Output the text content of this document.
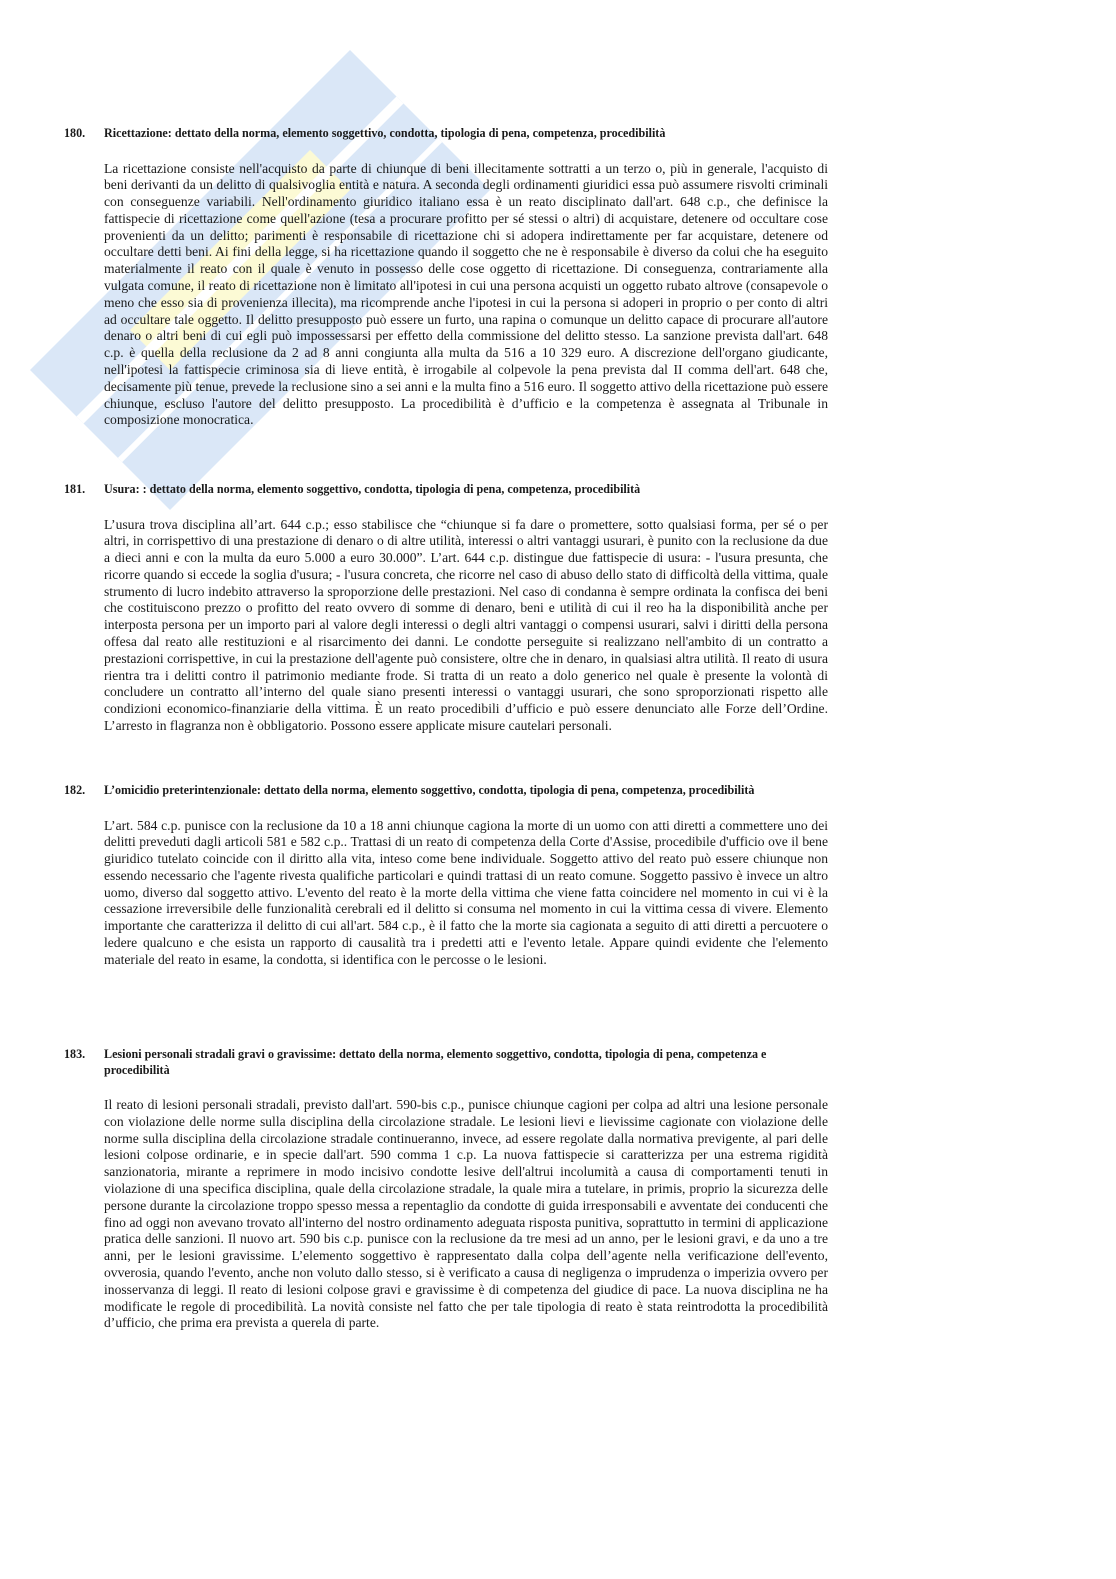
180.	Ricettazione: dettato della norma, elemento soggettivo, condotta, tipologia di pena, competenza, procedibilità

La ricettazione consiste nell'acquisto da parte di chiunque di beni illecitamente sottratti a un terzo o, più in generale, l'acquisto di beni derivanti da un delitto di qualsivoglia entità e natura. A seconda degli ordinamenti giuridici essa può assumere risvolti criminali con conseguenze variabili. Nell'ordinamento giuridico italiano essa è un reato disciplinato dall'art. 648 c.p., che definisce la fattispecie di ricettazione come quell'azione (tesa a procurare profitto per sé stessi o altri) di acquistare, detenere od occultare cose provenienti da un delitto; parimenti è responsabile di ricettazione chi si adopera indirettamente per far acquistare, detenere od occultare detti beni. Ai fini della legge, si ha ricettazione quando il soggetto che ne è responsabile è diverso da colui che ha eseguito materialmente il reato con il quale è venuto in possesso delle cose oggetto di ricettazione. Di conseguenza, contrariamente alla vulgata comune, il reato di ricettazione non è limitato all'ipotesi in cui una persona acquisti un oggetto rubato altrove (consapevole o meno che esso sia di provenienza illecita), ma ricomprende anche l'ipotesi in cui la persona si adoperi in proprio o per conto di altri ad occultare tale oggetto. Il delitto presupposto può essere un furto, una rapina o comunque un delitto capace di procurare all'autore denaro o altri beni di cui egli può impossessarsi per effetto della commissione del delitto stesso. La sanzione prevista dall'art. 648 c.p. è quella della reclusione da 2 ad 8 anni congiunta alla multa da 516 a 10 329 euro. A discrezione dell'organo giudicante, nell'ipotesi la fattispecie criminosa sia di lieve entità, è irrogabile al colpevole la pena prevista dal II comma dell'art. 648 che, decisamente più tenue, prevede la reclusione sino a sei anni e la multa fino a 516 euro. Il soggetto attivo della ricettazione può essere chiunque, escluso l'autore del delitto presupposto. La procedibilità è d’ufficio e la competenza è assegnata al Tribunale in composizione monocratica.

181.	Usura: : dettato della norma, elemento soggettivo, condotta, tipologia di pena, competenza, procedibilità

L’usura trova disciplina all’art. 644 c.p.; esso stabilisce che “chiunque si fa dare o promettere, sotto qualsiasi forma, per sé o per altri, in corrispettivo di una prestazione di denaro o di altre utilità, interessi o altri vantaggi usurari, è punito con la reclusione da due a dieci anni e con la multa da euro 5.000 a euro 30.000”. L’art. 644 c.p. distingue due fattispecie di usura: - l'usura presunta, che ricorre quando si eccede la soglia d'usura; - l'usura concreta, che ricorre nel caso di abuso dello stato di difficoltà della vittima, quale strumento di lucro indebito attraverso la sproporzione delle prestazioni. Nel caso di condanna è sempre ordinata la confisca dei beni che costituiscono prezzo o profitto del reato ovvero di somme di denaro, beni e utilità di cui il reo ha la disponibilità anche per interposta persona per un importo pari al valore degli interessi o degli altri vantaggi o compensi usurari, salvi i diritti della persona offesa dal reato alle restituzioni e al risarcimento dei danni. Le condotte perseguite si realizzano nell'ambito di un contratto a prestazioni corrispettive, in cui la prestazione dell'agente può consistere, oltre che in denaro, in qualsiasi altra utilità. Il reato di usura rientra tra i delitti contro il patrimonio mediante frode. Si tratta di un reato a dolo generico nel quale è presente la volontà di concludere un contratto all’interno del quale siano presenti interessi o vantaggi usurari, che sono sproporzionati rispetto alle condizioni economico-finanziarie della vittima. È un reato procedibili d’ufficio e può essere denunciato alle Forze dell’Ordine. L’arresto in flagranza non è obbligatorio. Possono essere applicate misure cautelari personali.

182.	L’omicidio preterintenzionale: dettato della norma, elemento soggettivo, condotta, tipologia di pena, competenza, procedibilità

L’art. 584 c.p. punisce con la reclusione da 10 a 18 anni chiunque cagiona la morte di un uomo con atti diretti a commettere uno dei delitti preveduti dagli articoli 581 e 582 c.p.. Trattasi di un reato di competenza della Corte d'Assise, procedibile d'ufficio ove il bene giuridico tutelato coincide con il diritto alla vita, inteso come bene individuale. Soggetto attivo del reato può essere chiunque non essendo necessario che l'agente rivesta qualifiche particolari e quindi trattasi di un reato comune. Soggetto passivo è invece un altro uomo, diverso dal soggetto attivo. L'evento del reato è la morte della vittima che viene fatta coincidere nel momento in cui vi è la cessazione irreversibile delle funzionalità cerebrali ed il delitto si consuma nel momento in cui la vittima cessa di vivere. Elemento importante che caratterizza il delitto di cui all'art. 584 c.p., è il fatto che la morte sia cagionata a seguito di atti diretti a percuotere o ledere qualcuno e che esista un rapporto di causalità tra i predetti atti e l'evento letale. Appare quindi evidente che l'elemento materiale del reato in esame, la condotta, si identifica con le percosse o le lesioni.

183.	Lesioni personali stradali gravi o gravissime: dettato della norma, elemento soggettivo, condotta, tipologia di pena, competenza e procedibilità

Il reato di lesioni personali stradali, previsto dall'art. 590-bis c.p., punisce chiunque cagioni per colpa ad altri una lesione personale con violazione delle norme sulla disciplina della circolazione stradale. Le lesioni lievi e lievissime cagionate con violazione delle norme sulla disciplina della circolazione stradale continueranno, invece, ad essere regolate dalla normativa previgente, al pari delle lesioni colpose ordinarie, e in specie dall'art. 590 comma 1 c.p. La nuova fattispecie si caratterizza per una estrema rigidità sanzionatoria, mirante a reprimere in modo incisivo condotte lesive dell'altrui incolumità a causa di comportamenti tenuti in violazione di una specifica disciplina, quale della circolazione stradale, la quale mira a tutelare, in primis, proprio la sicurezza delle persone durante la circolazione troppo spesso messa a repentaglio da condotte di guida irresponsabili e avventate dei conducenti che fino ad oggi non avevano trovato all'interno del nostro ordinamento adeguata risposta punitiva, soprattutto in termini di applicazione pratica delle sanzioni. Il nuovo art. 590 bis c.p. punisce con la reclusione da tre mesi ad un anno, per le lesioni gravi, e da uno a tre anni, per le lesioni gravissime. L’elemento soggettivo è rappresentato dalla colpa dell’agente nella verificazione dell'evento, ovverosia, quando l'evento, anche non voluto dallo stesso, si è verificato a causa di negligenza o imprudenza o imperizia ovvero per inosservanza di leggi. Il reato di lesioni colpose gravi e gravissime è di competenza del giudice di pace. La nuova disciplina ne ha modificate le regole di procedibilità. La novità consiste nel fatto che per tale tipologia di reato è stata reintrodotta la procedibilità d’ufficio, che prima era prevista a querela di parte.
